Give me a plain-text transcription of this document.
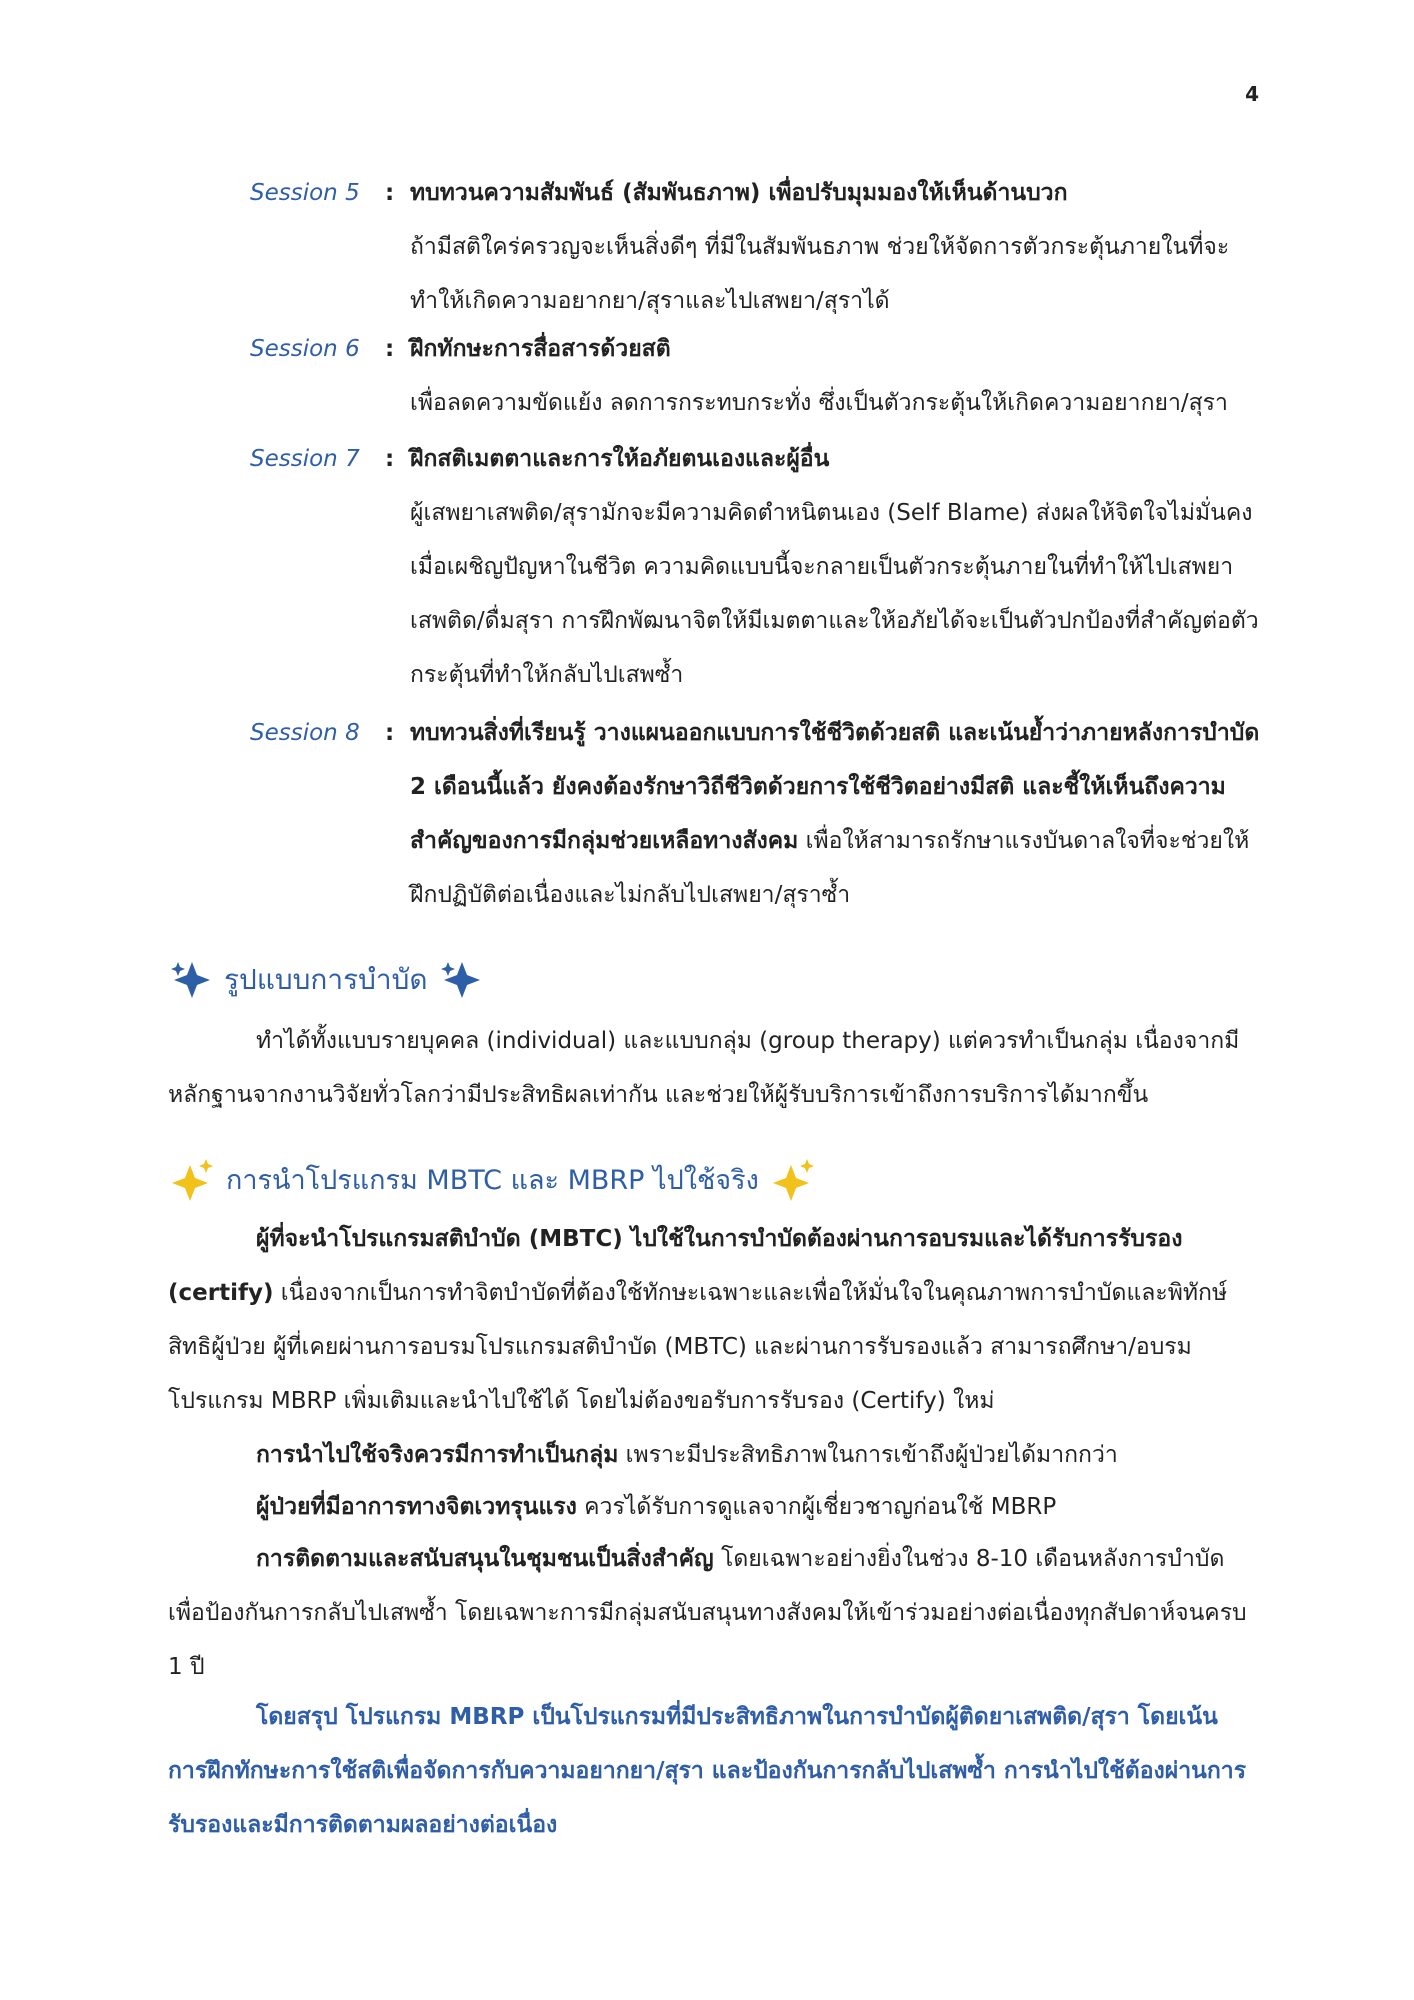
4
Session 5 : ทบทวนความสัมพันธ์ (สัมพันธภาพ) เพื่อปรับมุมมองให้เห็นด้านบวก

ถ้ามีสติใคร่ครวญจะเห็นสิ่งดีๆ ที่มีในสัมพันธภาพ ช่วยให้จัดการตัวกระตุ้นภายในที่จะทำให้เกิดความอยากยา/สุราและไปเสพยา/สุราได้

Session 6 : ฝึกทักษะการสื่อสารด้วยสติ

เพื่อลดความขัดแย้ง ลดการกระทบกระทั่ง ซึ่งเป็นตัวกระตุ้นให้เกิดความอยากยา/สุรา

Session 7 : ฝึกสติเมตตาและการให้อภัยตนเองและผู้อื่น

ผู้เสพยาเสพติด/สุรามักจะมีความคิดตำหนิตนเอง (Self Blame) ส่งผลให้จิตใจไม่มั่นคงเมื่อเผชิญปัญหาในชีวิต ความคิดแบบนี้จะกลายเป็นตัวกระตุ้นภายในที่ทำให้ไปเสพยาเสพติด/ดื่มสุรา การฝึกพัฒนาจิตให้มีเมตตาและให้อภัยได้จะเป็นตัวปกป้องที่สำคัญต่อตัวกระตุ้นที่ทำให้กลับไปเสพซ้ำ

Session 8 : ทบทวนสิ่งที่เรียนรู้ วางแผนออกแบบการใช้ชีวิตด้วยสติ และเน้นย้ำว่าภายหลังการบำบัด 2 เดือนนี้แล้ว ยังคงต้องรักษาวิถีชีวิตด้วยการใช้ชีวิตอย่างมีสติ และชี้ให้เห็นถึงความสำคัญของการมีกลุ่มช่วยเหลือทางสังคม เพื่อให้สามารถรักษาแรงบันดาลใจที่จะช่วยให้ฝึกปฏิบัติต่อเนื่องและไม่กลับไปเสพยา/สุราซ้ำ

รูปแบบการบำบัด

ทำได้ทั้งแบบรายบุคคล (individual) และแบบกลุ่ม (group therapy) แต่ควรทำเป็นกลุ่ม เนื่องจากมีหลักฐานจากงานวิจัยทั่วโลกว่ามีประสิทธิผลเท่ากัน และช่วยให้ผู้รับบริการเข้าถึงการบริการได้มากขึ้น

การนำโปรแกรม MBTC และ MBRP ไปใช้จริง

ผู้ที่จะนำโปรแกรมสติบำบัด (MBTC) ไปใช้ในการบำบัดต้องผ่านการอบรมและได้รับการรับรอง (certify) เนื่องจากเป็นการทำจิตบำบัดที่ต้องใช้ทักษะเฉพาะและเพื่อให้มั่นใจในคุณภาพการบำบัดและพิทักษ์สิทธิผู้ป่วย ผู้ที่เคยผ่านการอบรมโปรแกรมสติบำบัด (MBTC) และผ่านการรับรองแล้ว สามารถศึกษา/อบรมโปรแกรม MBRP เพิ่มเติมและนำไปใช้ได้ โดยไม่ต้องขอรับการรับรอง (Certify) ใหม่

การนำไปใช้จริงควรมีการทำเป็นกลุ่ม เพราะมีประสิทธิภาพในการเข้าถึงผู้ป่วยได้มากกว่า

ผู้ป่วยที่มีอาการทางจิตเวทรุนแรง ควรได้รับการดูแลจากผู้เชี่ยวชาญก่อนใช้ MBRP

การติดตามและสนับสนุนในชุมชนเป็นสิ่งสำคัญ โดยเฉพาะอย่างยิ่งในช่วง 8-10 เดือนหลังการบำบัด เพื่อป้องกันการกลับไปเสพซ้ำ โดยเฉพาะการมีกลุ่มสนับสนุนทางสังคมให้เข้าร่วมอย่างต่อเนื่องทุกสัปดาห์จนครบ 1 ปี

โดยสรุป โปรแกรม MBRP เป็นโปรแกรมที่มีประสิทธิภาพในการบำบัดผู้ติดยาเสพติด/สุรา โดยเน้นการฝึกทักษะการใช้สติเพื่อจัดการกับความอยากยา/สุรา และป้องกันการกลับไปเสพซ้ำ การนำไปใช้ต้องผ่านการรับรองและมีการติดตามผลอย่างต่อเนื่อง
